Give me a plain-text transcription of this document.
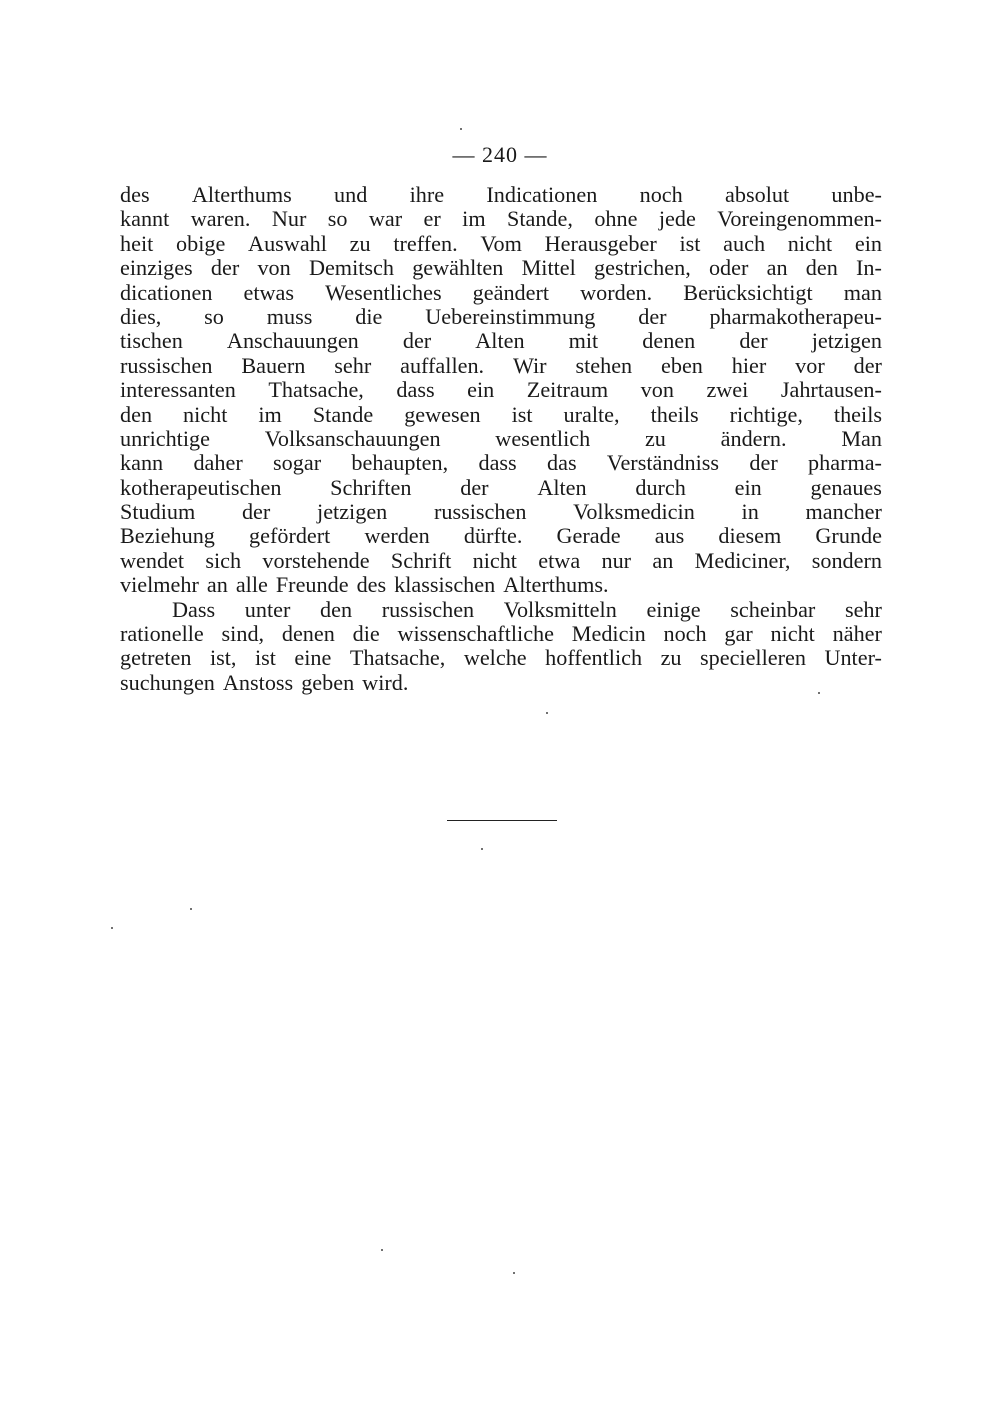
— 240 —
des Alterthums und ihre Indicationen noch absolut unbe-
kannt waren. Nur so war er im Stande, ohne jede Voreingenommen-
heit obige Auswahl zu treffen. Vom Herausgeber ist auch nicht ein
einziges der von Demitsch gewählten Mittel gestrichen, oder an den In-
dicationen etwas Wesentliches geändert worden. Berücksichtigt man
dies, so muss die Uebereinstimmung der pharmakotherapeu-
tischen Anschauungen der Alten mit denen der jetzigen
russischen Bauern sehr auffallen. Wir stehen eben hier vor der
interessanten Thatsache, dass ein Zeitraum von zwei Jahrtausen-
den nicht im Stande gewesen ist uralte, theils richtige, theils
unrichtige Volksanschauungen wesentlich zu ändern. Man
kann daher sogar behaupten, dass das Verständniss der pharma-
kotherapeutischen Schriften der Alten durch ein genaues
Studium der jetzigen russischen Volksmedicin in mancher
Beziehung gefördert werden dürfte. Gerade aus diesem Grunde
wendet sich vorstehende Schrift nicht etwa nur an Mediciner, sondern
vielmehr an alle Freunde des klassischen Alterthums.
Dass unter den russischen Volksmitteln einige scheinbar sehr
rationelle sind, denen die wissenschaftliche Medicin noch gar nicht näher
getreten ist, ist eine Thatsache, welche hoffentlich zu specielleren Unter-
suchungen Anstoss geben wird.
